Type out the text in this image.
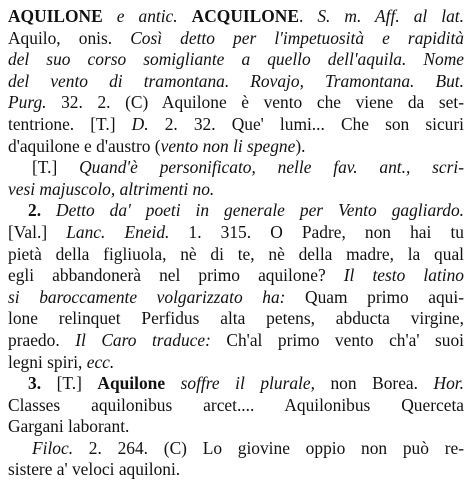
AQUILONE e antic. ACQUILONE. S. m. Aff. al lat.
Aquilo, onis. Così detto per l'impetuosità e rapidità
del suo corso somigliante a quello dell'aquila. Nome
del vento di tramontana. Rovajo, Tramontana. But.
Purg. 32. 2. (C) Aquilone è vento che viene da set-
tentrione. [T.] D. 2. 32. Que' lumi... Che son sicuri
d'aquilone e d'austro (vento non li spegne).
[T.] Quand'è personificato, nelle fav. ant., scri-
vesi majuscolo, altrimenti no.
2. Detto da' poeti in generale per Vento gagliardo.
[Val.] Lanc. Eneid. 1. 315. O Padre, non hai tu
pietà della figliuola, nè di te, nè della madre, la qual
egli abbandonerà nel primo aquilone? Il testo latino
si baroccamente volgarizzato ha: Quam primo aqui-
lone relinquet Perfidus alta petens, abducta virgine,
praedo. Il Caro traduce: Ch'al primo vento ch'a' suoi
legni spiri, ecc.
3. [T.] Aquilone soffre il plurale, non Borea. Hor.
Classes aquilonibus arcet.... Aquilonibus Querceta
Gargani laborant.
Filoc. 2. 264. (C) Lo giovine oppio non può re-
sistere a' veloci aquiloni.
